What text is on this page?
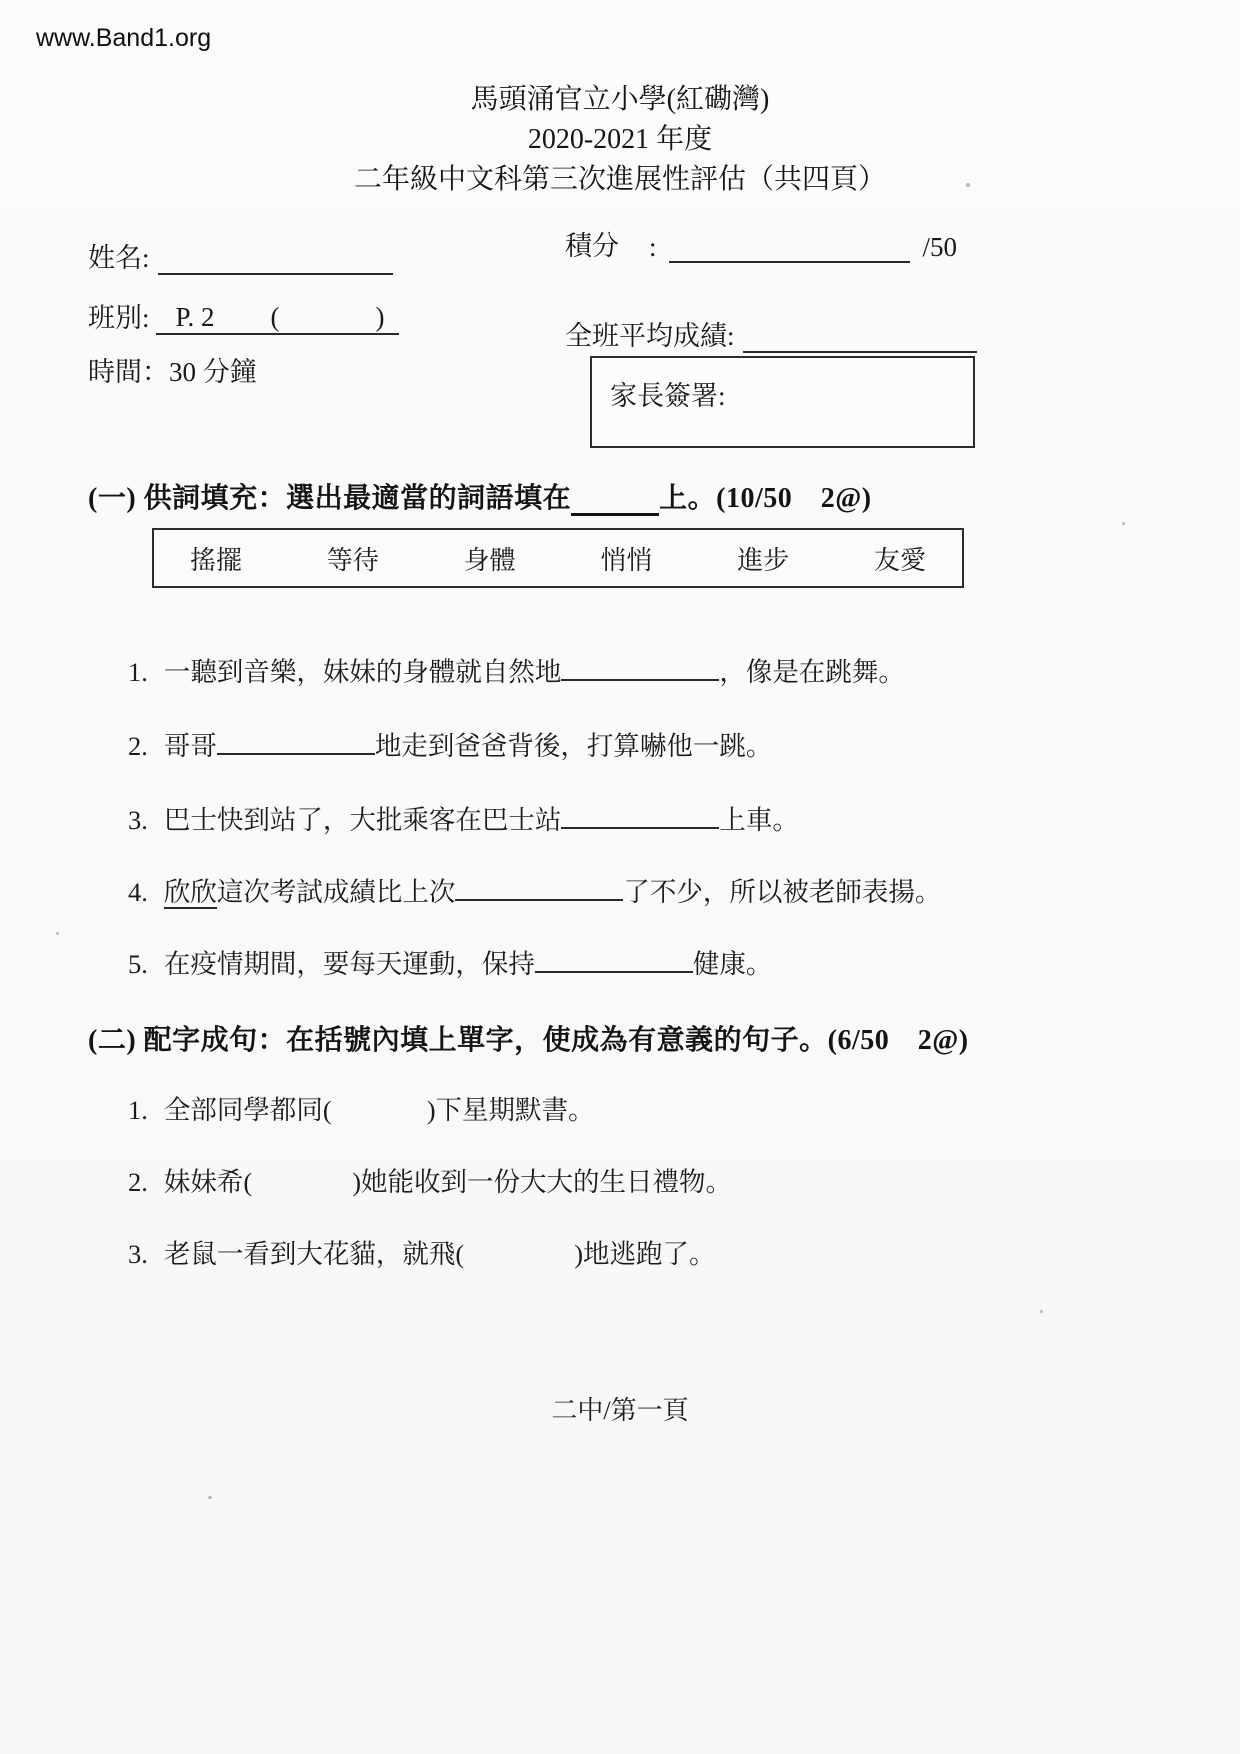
www.Band1.org
馬頭涌官立小學(紅磡灣)
2020-2021 年度
二年級中文科第三次進展性評估（共四頁）
姓名:
班別: P. 2 (	)
時間：30 分鐘
積分 :	/50
全班平均成績:
家長簽署:
(一) 供詞填充：選出最適當的詞語填在	上。(10/50　2@)
搖擺	等待	身體	悄悄	進步	友愛
1. 一聽到音樂，妹妹的身體就自然地	，像是在跳舞。
2. 哥哥	地走到爸爸背後，打算嚇他一跳。
3. 巴士快到站了，大批乘客在巴士站	上車。
4. 欣欣這次考試成績比上次	了不少，所以被老師表揚。
5. 在疫情期間，要每天運動，保持	健康。
(二) 配字成句：在括號內填上單字，使成為有意義的句子。(6/50　2@)
1. 全部同學都同(	)下星期默書。
2. 妹妹希(	)她能收到一份大大的生日禮物。
3. 老鼠一看到大花貓，就飛(	)地逃跑了。
二中/第一頁
